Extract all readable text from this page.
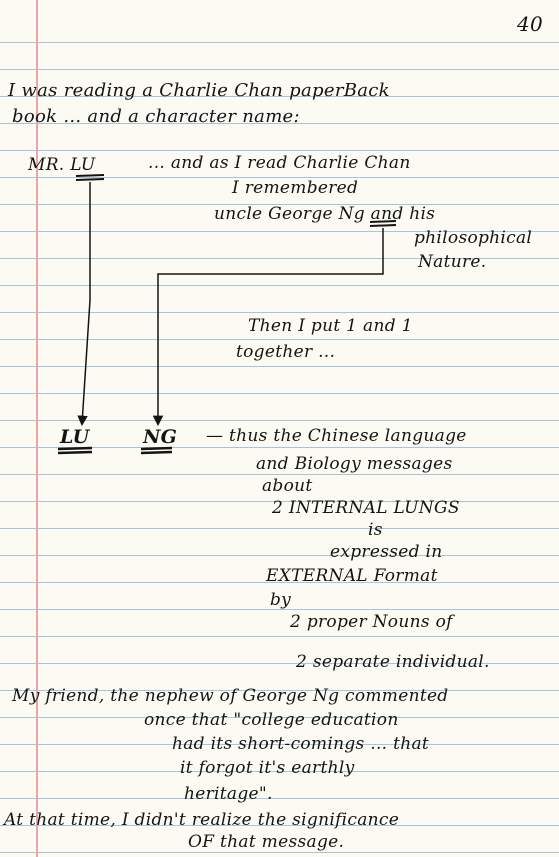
40
I was reading a Charlie Chan paperBack
book ... and a character name:
MR. LU	... and as I read Charlie Chan
I remembered
uncle George Ng and his
philosophical
Nature.
Then I put 1 and 1
together ...
LU	NG — thus the Chinese language
and Biology messages
about
2 INTERNAL LUNGS
is
expressed in
EXTERNAL Format
by
2 proper Nouns of
2 separate individual.
My friend, the nephew of George Ng commented
once that "college education
had its short-comings ... that
it forgot it's earthly
heritage".
At that time, I didn't realize the significance
OF that message.
